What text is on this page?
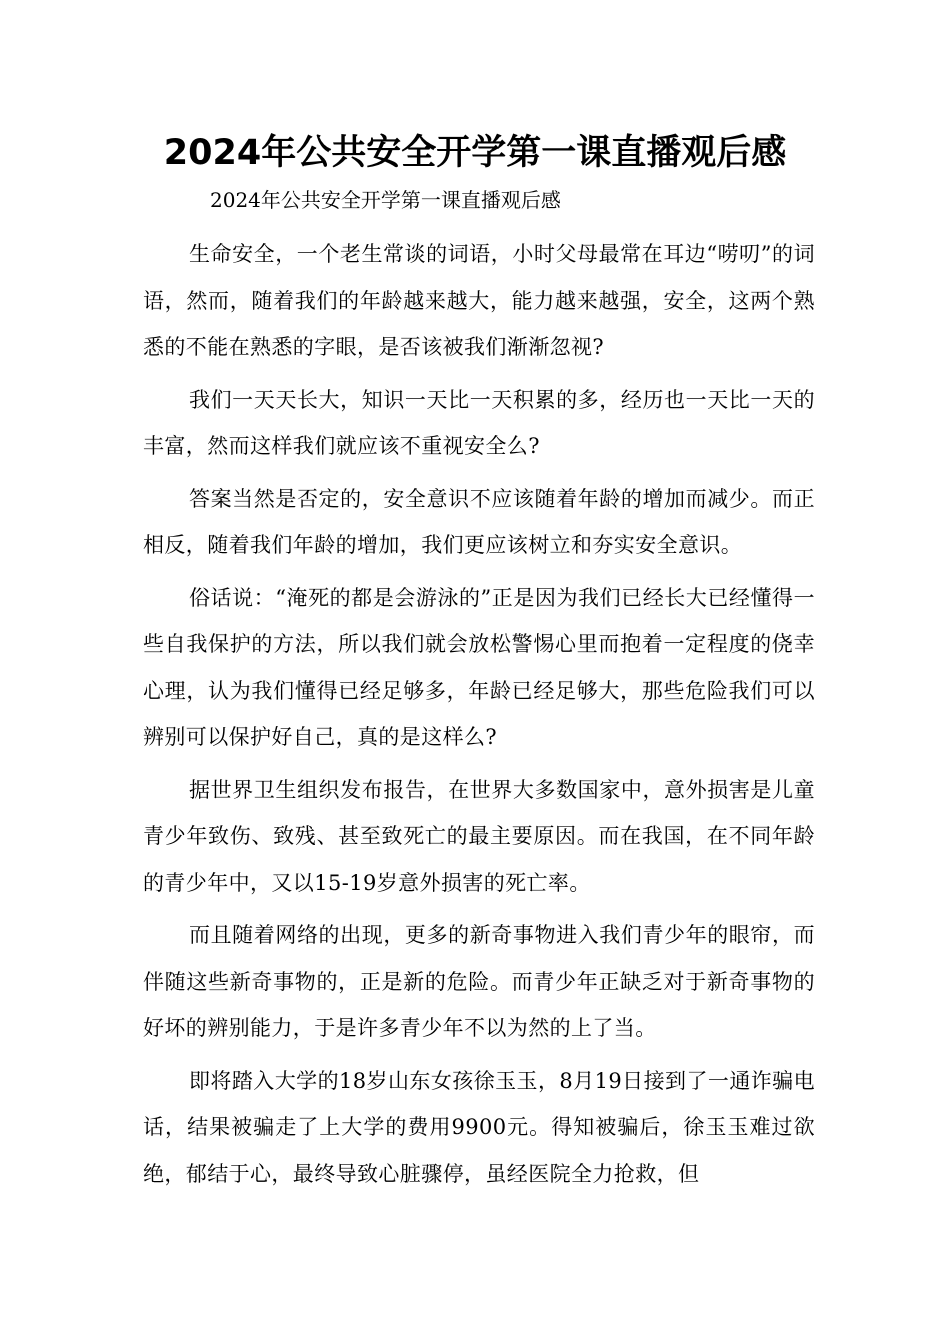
2024年公共安全开学第一课直播观后感

2024年公共安全开学第一课直播观后感

生命安全，一个老生常谈的词语，小时父母最常在耳边“唠叨”的词语，然而，随着我们的年龄越来越大，能力越来越强，安全，这两个熟悉的不能在熟悉的字眼，是否该被我们渐渐忽视?

我们一天天长大，知识一天比一天积累的多，经历也一天比一天的丰富，然而这样我们就应该不重视安全么?

答案当然是否定的，安全意识不应该随着年龄的增加而减少。而正相反，随着我们年龄的增加，我们更应该树立和夯实安全意识。

俗话说：“淹死的都是会游泳的”正是因为我们已经长大已经懂得一些自我保护的方法，所以我们就会放松警惕心里而抱着一定程度的侥幸心理，认为我们懂得已经足够多，年龄已经足够大，那些危险我们可以辨别可以保护好自己，真的是这样么?

据世界卫生组织发布报告，在世界大多数国家中，意外损害是儿童青少年致伤、致残、甚至致死亡的最主要原因。而在我国，在不同年龄的青少年中，又以15-19岁意外损害的死亡率。

而且随着网络的出现，更多的新奇事物进入我们青少年的眼帘，而伴随这些新奇事物的，正是新的危险。而青少年正缺乏对于新奇事物的好坏的辨别能力，于是许多青少年不以为然的上了当。

即将踏入大学的18岁山东女孩徐玉玉，8月19日接到了一通诈骗电话，结果被骗走了上大学的费用9900元。得知被骗后，徐玉玉难过欲绝，郁结于心，最终导致心脏骤停，虽经医院全力抢救，但
